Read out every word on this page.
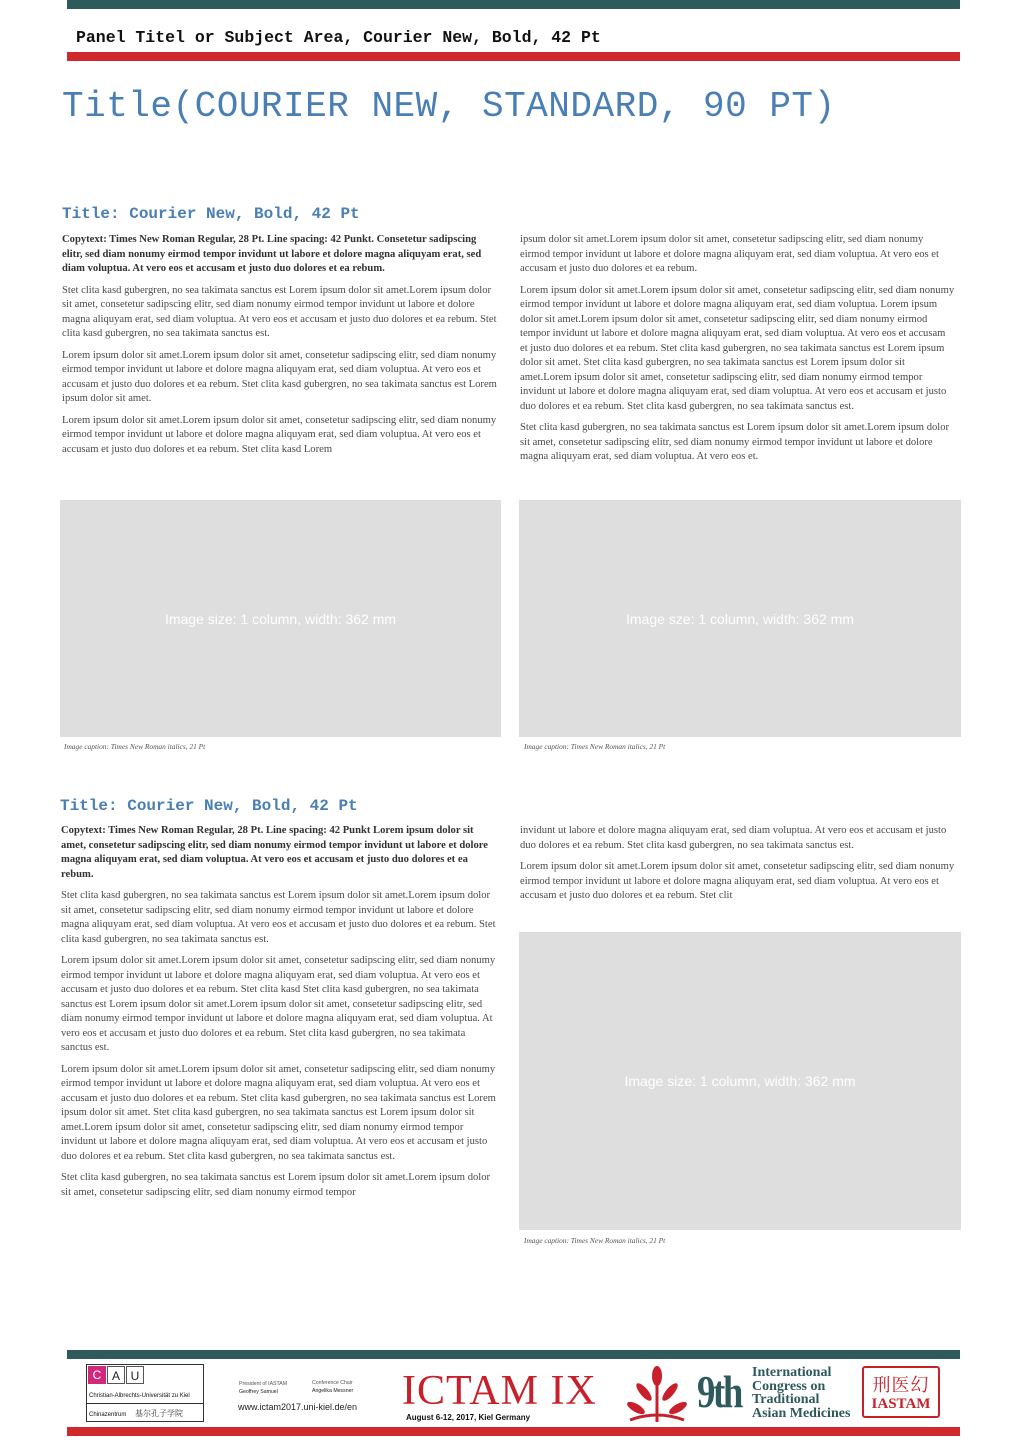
Panel Titel or Subject Area, Courier New, Bold, 42 Pt
Title(COURIER NEW, STANDARD, 90 PT)
Title: Courier New, Bold, 42 Pt

Copytext: Times New Roman Regular, 28 Pt. Line spacing: 42 Punkt. Consetetur sadipscing elitr, sed diam nonumy eirmod tempor invidunt ut labore et dolore magna aliquyam erat, sed diam voluptua. At vero eos et accusam et justo duo dolores et ea rebum.

Stet clita kasd gubergren, no sea takimata sanctus est Lorem ipsum dolor sit amet.Lorem ipsum dolor sit amet, consetetur sadipscing elitr, sed diam nonumy eirmod tempor invidunt ut labore et dolore magna aliquyam erat, sed diam voluptua. At vero eos et accusam et justo duo dolores et ea rebum. Stet clita kasd gubergren, no sea takimata sanctus est.

Lorem ipsum dolor sit amet.Lorem ipsum dolor sit amet, consetetur sadipscing elitr, sed diam nonumy eirmod tempor invidunt ut labore et dolore magna aliquyam erat, sed diam voluptua. At vero eos et accusam et justo duo dolores et ea rebum. Stet clita kasd gubergren, no sea takimata sanctus est Lorem ipsum dolor sit amet.

Lorem ipsum dolor sit amet.Lorem ipsum dolor sit amet, consetetur sadipscing elitr, sed diam nonumy eirmod tempor invidunt ut labore et dolore magna aliquyam erat, sed diam voluptua. At vero eos et accusam et justo duo dolores et ea rebum. Stet clita kasd Lorem

ipsum dolor sit amet.Lorem ipsum dolor sit amet, consetetur sadipscing elitr, sed diam nonumy eirmod tempor invidunt ut labore et dolore magna aliquyam erat, sed diam voluptua. At vero eos et accusam et justo duo dolores et ea rebum.

Lorem ipsum dolor sit amet.Lorem ipsum dolor sit amet, consetetur sadipscing elitr, sed diam nonumy eirmod tempor invidunt ut labore et dolore magna aliquyam erat, sed diam voluptua. Lorem ipsum dolor sit amet.Lorem ipsum dolor sit amet, consetetur sadipscing elitr, sed diam nonumy eirmod tempor invidunt ut labore et dolore magna aliquyam erat, sed diam voluptua. At vero eos et accusam et justo duo dolores et ea rebum. Stet clita kasd gubergren, no sea takimata sanctus est Lorem ipsum dolor sit amet. Stet clita kasd gubergren, no sea takimata sanctus est Lorem ipsum dolor sit amet.Lorem ipsum dolor sit amet, consetetur sadipscing elitr, sed diam nonumy eirmod tempor invidunt ut labore et dolore magna aliquyam erat, sed diam voluptua. At vero eos et accusam et justo duo dolores et ea rebum. Stet clita kasd gubergren, no sea takimata sanctus est.

Stet clita kasd gubergren, no sea takimata sanctus est Lorem ipsum dolor sit amet.Lorem ipsum dolor sit amet, consetetur sadipscing elitr, sed diam nonumy eirmod tempor invidunt ut labore et dolore magna aliquyam erat, sed diam voluptua. At vero eos et.

Image size: 1 column, width: 362 mm
Image caption: Times New Roman italics, 21 Pt
Image sze: 1 column, width: 362 mm
Image caption: Times New Roman italics, 21 Pt
Title: Courier New, Bold, 42 Pt

Copytext: Times New Roman Regular, 28 Pt. Line spacing: 42 Punkt Lorem ipsum dolor sit amet, consetetur sadipscing elitr, sed diam nonumy eirmod tempor invidunt ut labore et dolore magna aliquyam erat, sed diam voluptua. At vero eos et accusam et justo duo dolores et ea rebum.

Stet clita kasd gubergren, no sea takimata sanctus est Lorem ipsum dolor sit amet.Lorem ipsum dolor sit amet, consetetur sadipscing elitr, sed diam nonumy eirmod tempor invidunt ut labore et dolore magna aliquyam erat, sed diam voluptua. At vero eos et accusam et justo duo dolores et ea rebum. Stet clita kasd gubergren, no sea takimata sanctus est.

Lorem ipsum dolor sit amet.Lorem ipsum dolor sit amet, consetetur sadipscing elitr, sed diam nonumy eirmod tempor invidunt ut labore et dolore magna aliquyam erat, sed diam voluptua. At vero eos et accusam et justo duo dolores et ea rebum. Stet clita kasd Stet clita kasd gubergren, no sea takimata sanctus est Lorem ipsum dolor sit amet.Lorem ipsum dolor sit amet, consetetur sadipscing elitr, sed diam nonumy eirmod tempor invidunt ut labore et dolore magna aliquyam erat, sed diam voluptua. At vero eos et accusam et justo duo dolores et ea rebum. Stet clita kasd gubergren, no sea takimata sanctus est.

Lorem ipsum dolor sit amet.Lorem ipsum dolor sit amet, consetetur sadipscing elitr, sed diam nonumy eirmod tempor invidunt ut labore et dolore magna aliquyam erat, sed diam voluptua. At vero eos et accusam et justo duo dolores et ea rebum. Stet clita kasd gubergren, no sea takimata sanctus est Lorem ipsum dolor sit amet. Stet clita kasd gubergren, no sea takimata sanctus est Lorem ipsum dolor sit amet.Lorem ipsum dolor sit amet, consetetur sadipscing elitr, sed diam nonumy eirmod tempor invidunt ut labore et dolore magna aliquyam erat, sed diam voluptua. At vero eos et accusam et justo duo dolores et ea rebum. Stet clita kasd gubergren, no sea takimata sanctus est.

Stet clita kasd gubergren, no sea takimata sanctus est Lorem ipsum dolor sit amet.Lorem ipsum dolor sit amet, consetetur sadipscing elitr, sed diam nonumy eirmod tempor

invidunt ut labore et dolore magna aliquyam erat, sed diam voluptua. At vero eos et accusam et justo duo dolores et ea rebum. Stet clita kasd gubergren, no sea takimata sanctus est.

Lorem ipsum dolor sit amet.Lorem ipsum dolor sit amet, consetetur sadipscing elitr, sed diam nonumy eirmod tempor invidunt ut labore et dolore magna aliquyam erat, sed diam voluptua. At vero eos et accusam et justo duo dolores et ea rebum. Stet clit

Image size: 1 column, width: 362 mm
Image caption: Times New Roman italics, 21 Pt
C A U
Christian-Albrechts-Universität zu Kiel
Chinazentrum 基尔孔子学院
President of IASTAM
Geoffrey Samuel
Conference Chair
Angelika Messner
www.ictam2017.uni-kiel.de/en ICTAM IX
August 6-12, 2017, Kiel Germany
9th International
Congress on
Traditional
Asian Medicines
刑医幻
IASTAM
